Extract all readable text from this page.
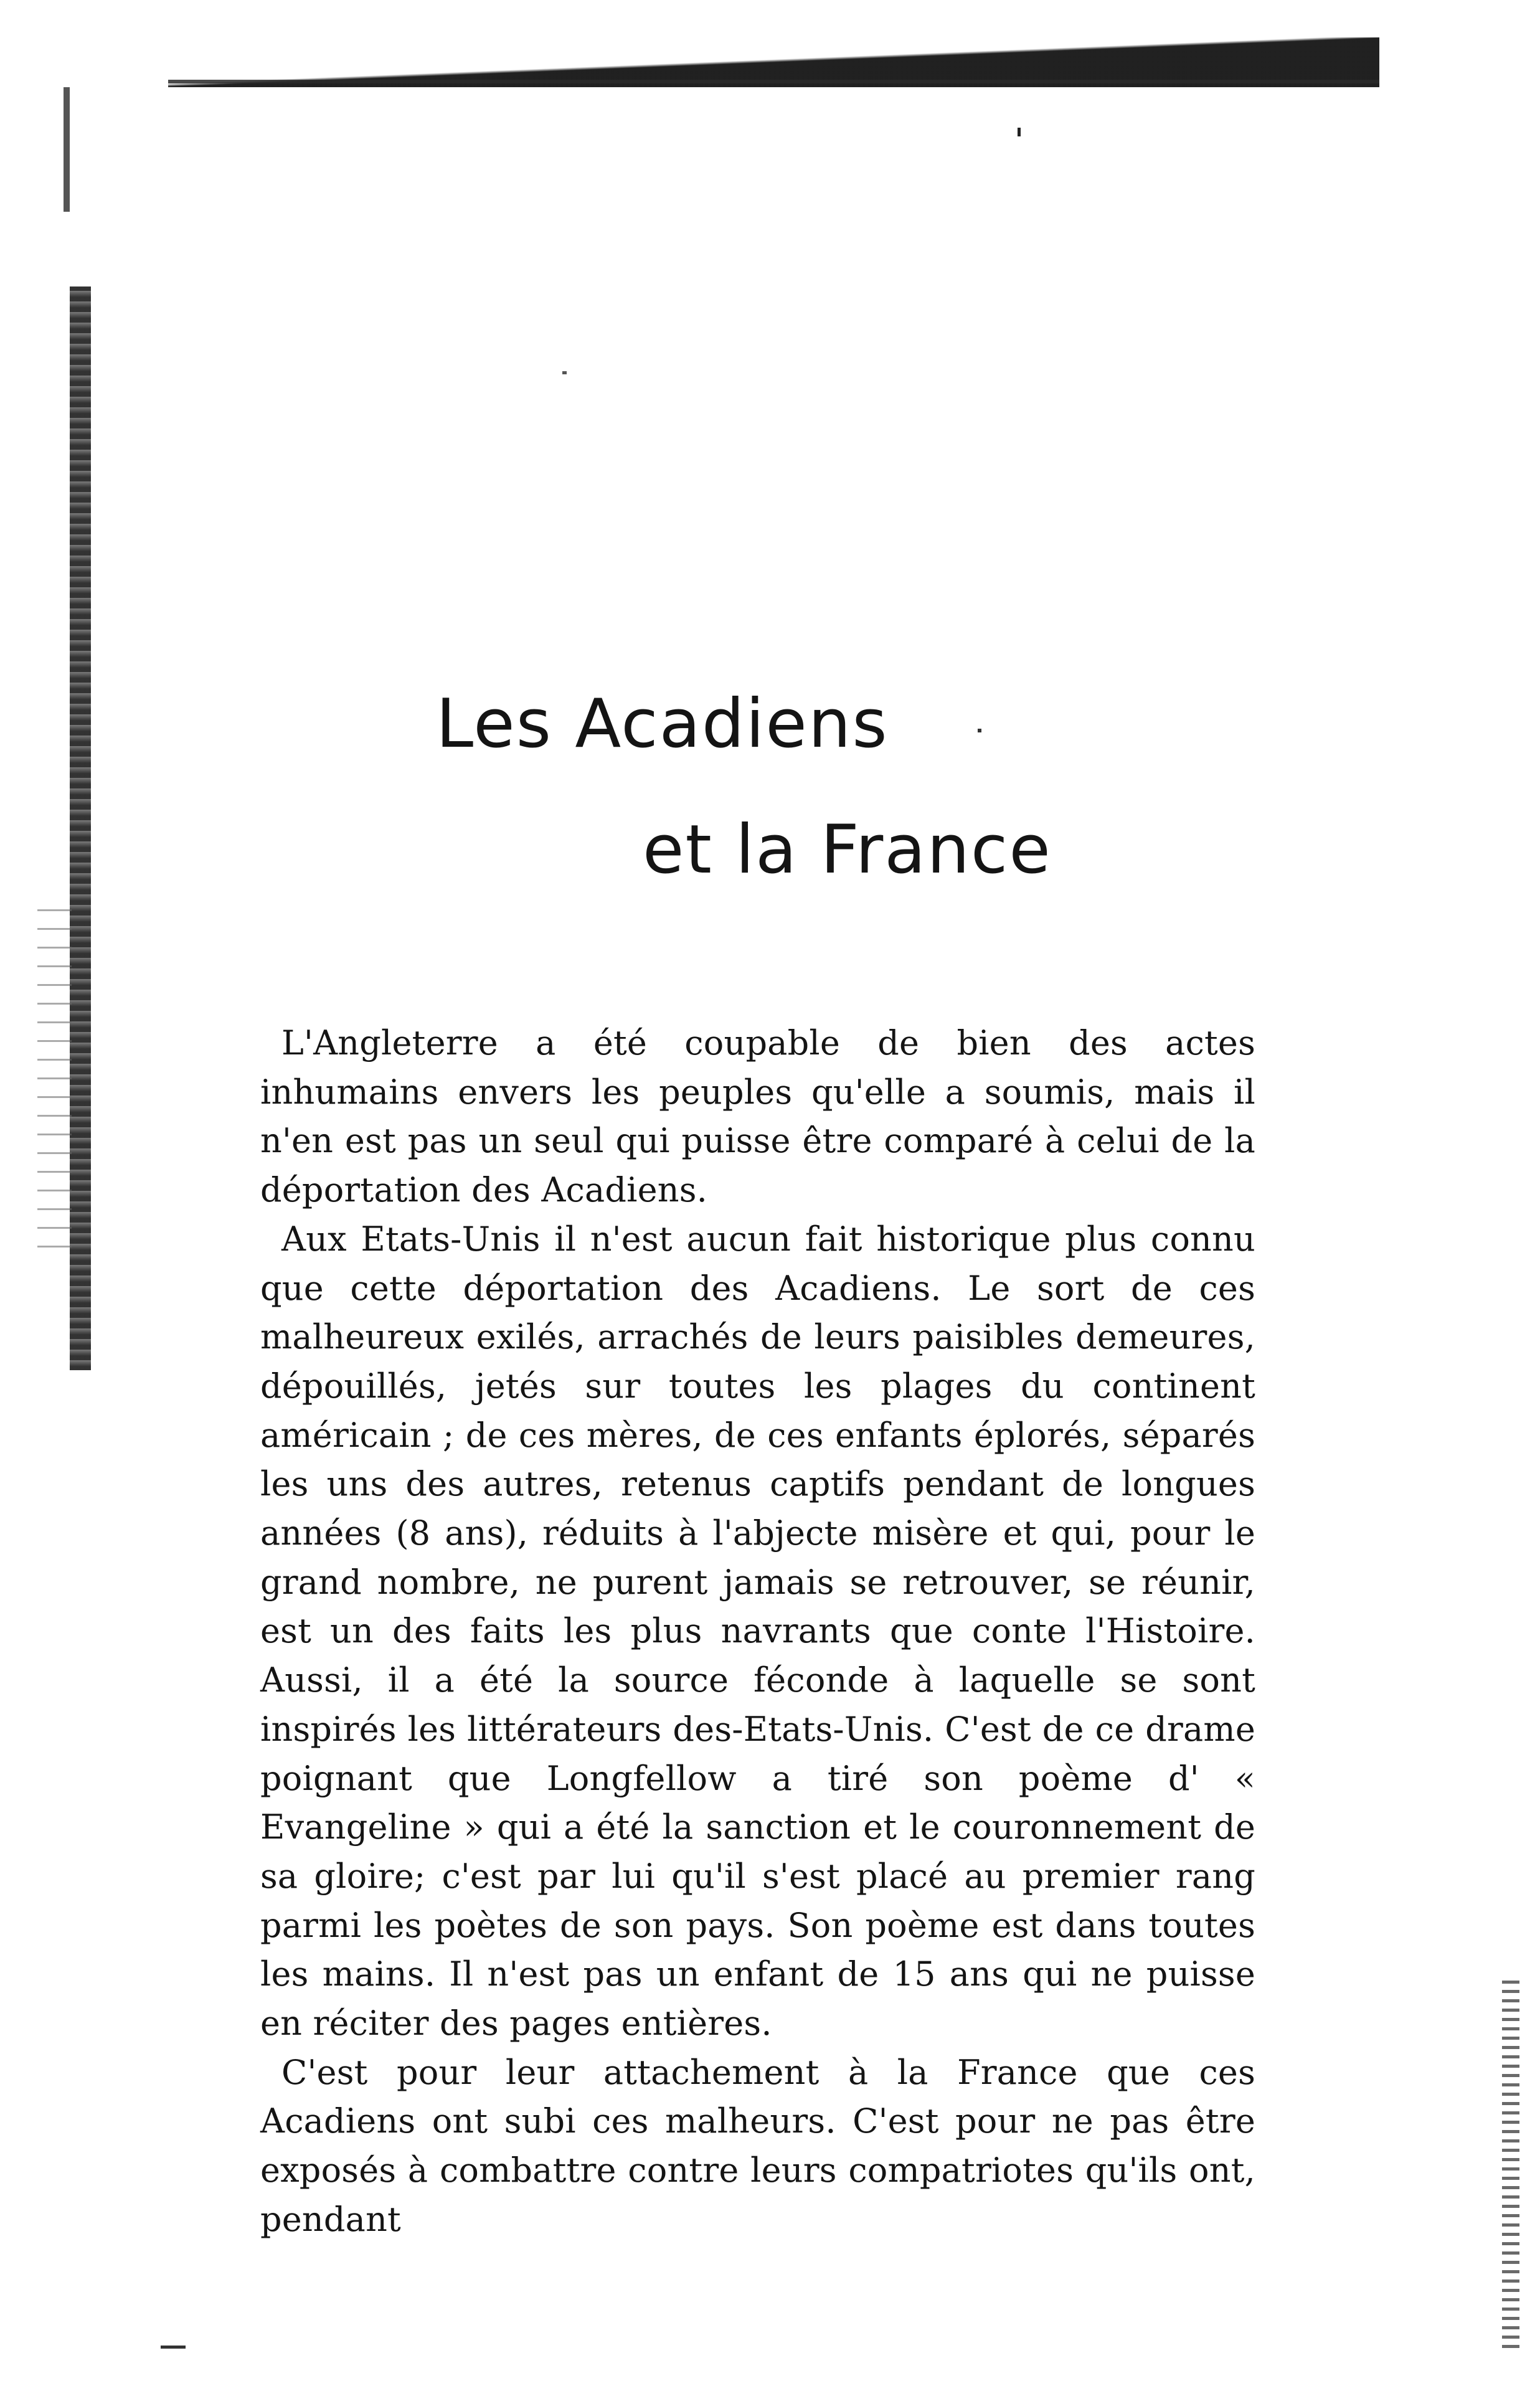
Les Acadiens
et la France

L'Angleterre a été coupable de bien des actes inhumains envers les peuples qu'elle a soumis, mais il n'en est pas un seul qui puisse être comparé à celui de la déportation des Acadiens.

Aux Etats-Unis il n'est aucun fait historique plus connu que cette déportation des Acadiens. Le sort de ces malheureux exilés, arrachés de leurs paisibles demeures, dépouillés, jetés sur toutes les plages du continent américain ; de ces mères, de ces enfants éplorés, séparés les uns des autres, retenus captifs pendant de longues années (8 ans), réduits à l'abjecte misère et qui, pour le grand nombre, ne purent jamais se retrouver, se réunir, est un des faits les plus navrants que conte l'Histoire. Aussi, il a été la source féconde à laquelle se sont inspirés les littérateurs des-Etats-Unis. C'est de ce drame poignant que Longfellow a tiré son poème d' « Evangeline » qui a été la sanction et le couronnement de sa gloire; c'est par lui qu'il s'est placé au premier rang parmi les poètes de son pays. Son poème est dans toutes les mains. Il n'est pas un enfant de 15 ans qui ne puisse en réciter des pages entières.

C'est pour leur attachement à la France que ces Acadiens ont subi ces malheurs. C'est pour ne pas être exposés à combattre contre leurs compatriotes qu'ils ont, pendant
